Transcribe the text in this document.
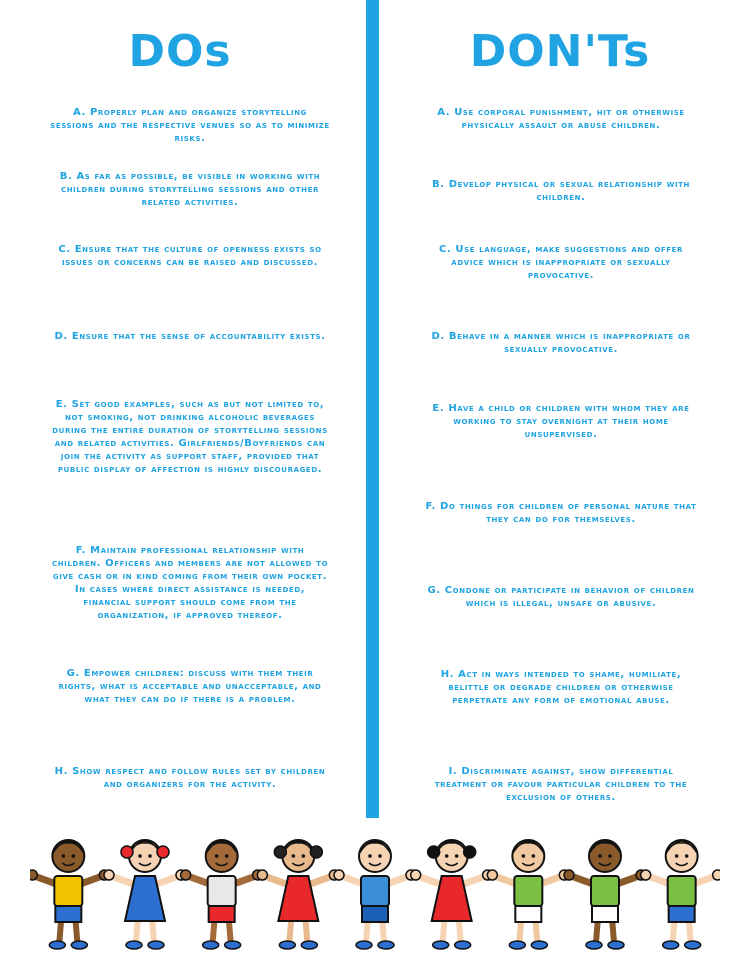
DOs	DON'Ts

A. Properly plan and organize storytelling sessions and the respective venues so as to minimize risks.

B. As far as possible, be visible in working with children during storytelling sessions and other related activities.

C. Ensure that the culture of openness exists so issues or concerns can be raised and discussed.

D. Ensure that the sense of accountability exists.

E. Set good examples, such as but not limited to, not smoking, not drinking alcoholic beverages during the entire duration of storytelling sessions and related activities. Girlfriends/Boyfriends can join the activity as support staff, provided that public display of affection is highly discouraged.

F. Maintain professional relationship with children. Officers and members are not allowed to give cash or in kind coming from their own pocket. In cases where direct assistance is needed, financial support should come from the organization, if approved thereof.

G. Empower children: discuss with them their rights, what is acceptable and unacceptable, and what they can do if there is a problem.

H. Show respect and follow rules set by children and organizers for the activity.

A. Use corporal punishment, hit or otherwise physically assault or abuse children.

B. Develop physical or sexual relationship with children.

C. Use language, make suggestions and offer advice which is inappropriate or sexually provocative.

D. Behave in a manner which is inappropriate or sexually provocative.

E. Have a child or children with whom they are working to stay overnight at their home unsupervised.

F. Do things for children of personal nature that they can do for themselves.

G. Condone or participate in behavior of children which is illegal, unsafe or abusive.

H. Act in ways intended to shame, humiliate, belittle or degrade children or otherwise perpetrate any form of emotional abuse.

I. Discriminate against, show differential treatment or favour particular children to the exclusion of others.
